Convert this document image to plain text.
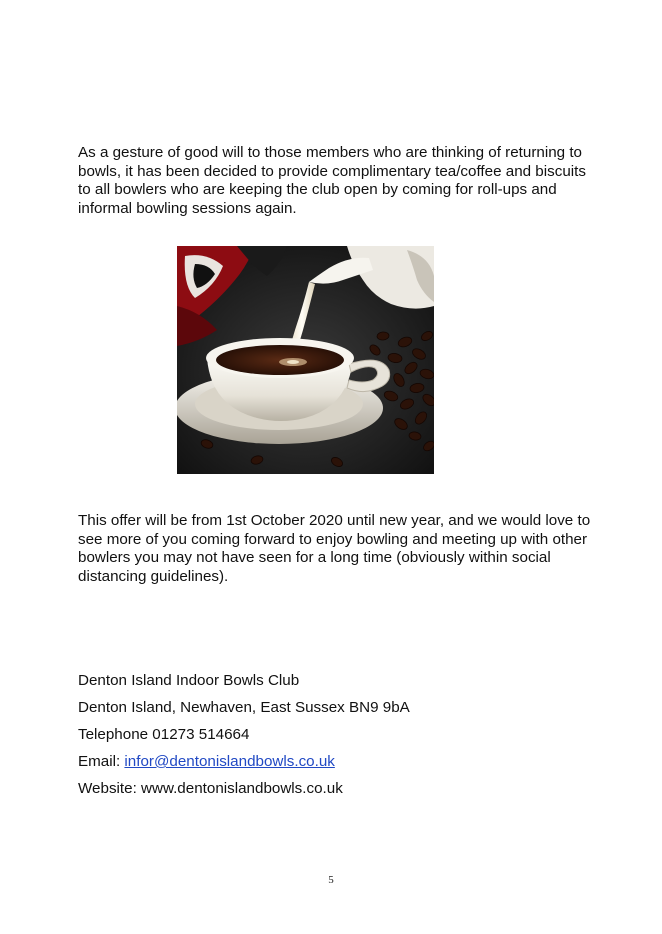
As a gesture of good will to those members who are thinking of returning to bowls, it has been decided to provide complimentary tea/coffee and biscuits to all bowlers who are keeping the club open by coming for roll-ups and informal bowling sessions again.

This offer will be from 1st October 2020 until new year, and we would love to see more of you coming forward to enjoy bowling and meeting up with other bowlers you may not have seen for a long time (obviously within social distancing guidelines).

Denton Island Indoor Bowls Club
Denton Island, Newhaven, East Sussex BN9 9bA
Telephone 01273 514664
Email: infor@dentonislandbowls.co.uk
Website: www.dentonislandbowls.co.uk
5
